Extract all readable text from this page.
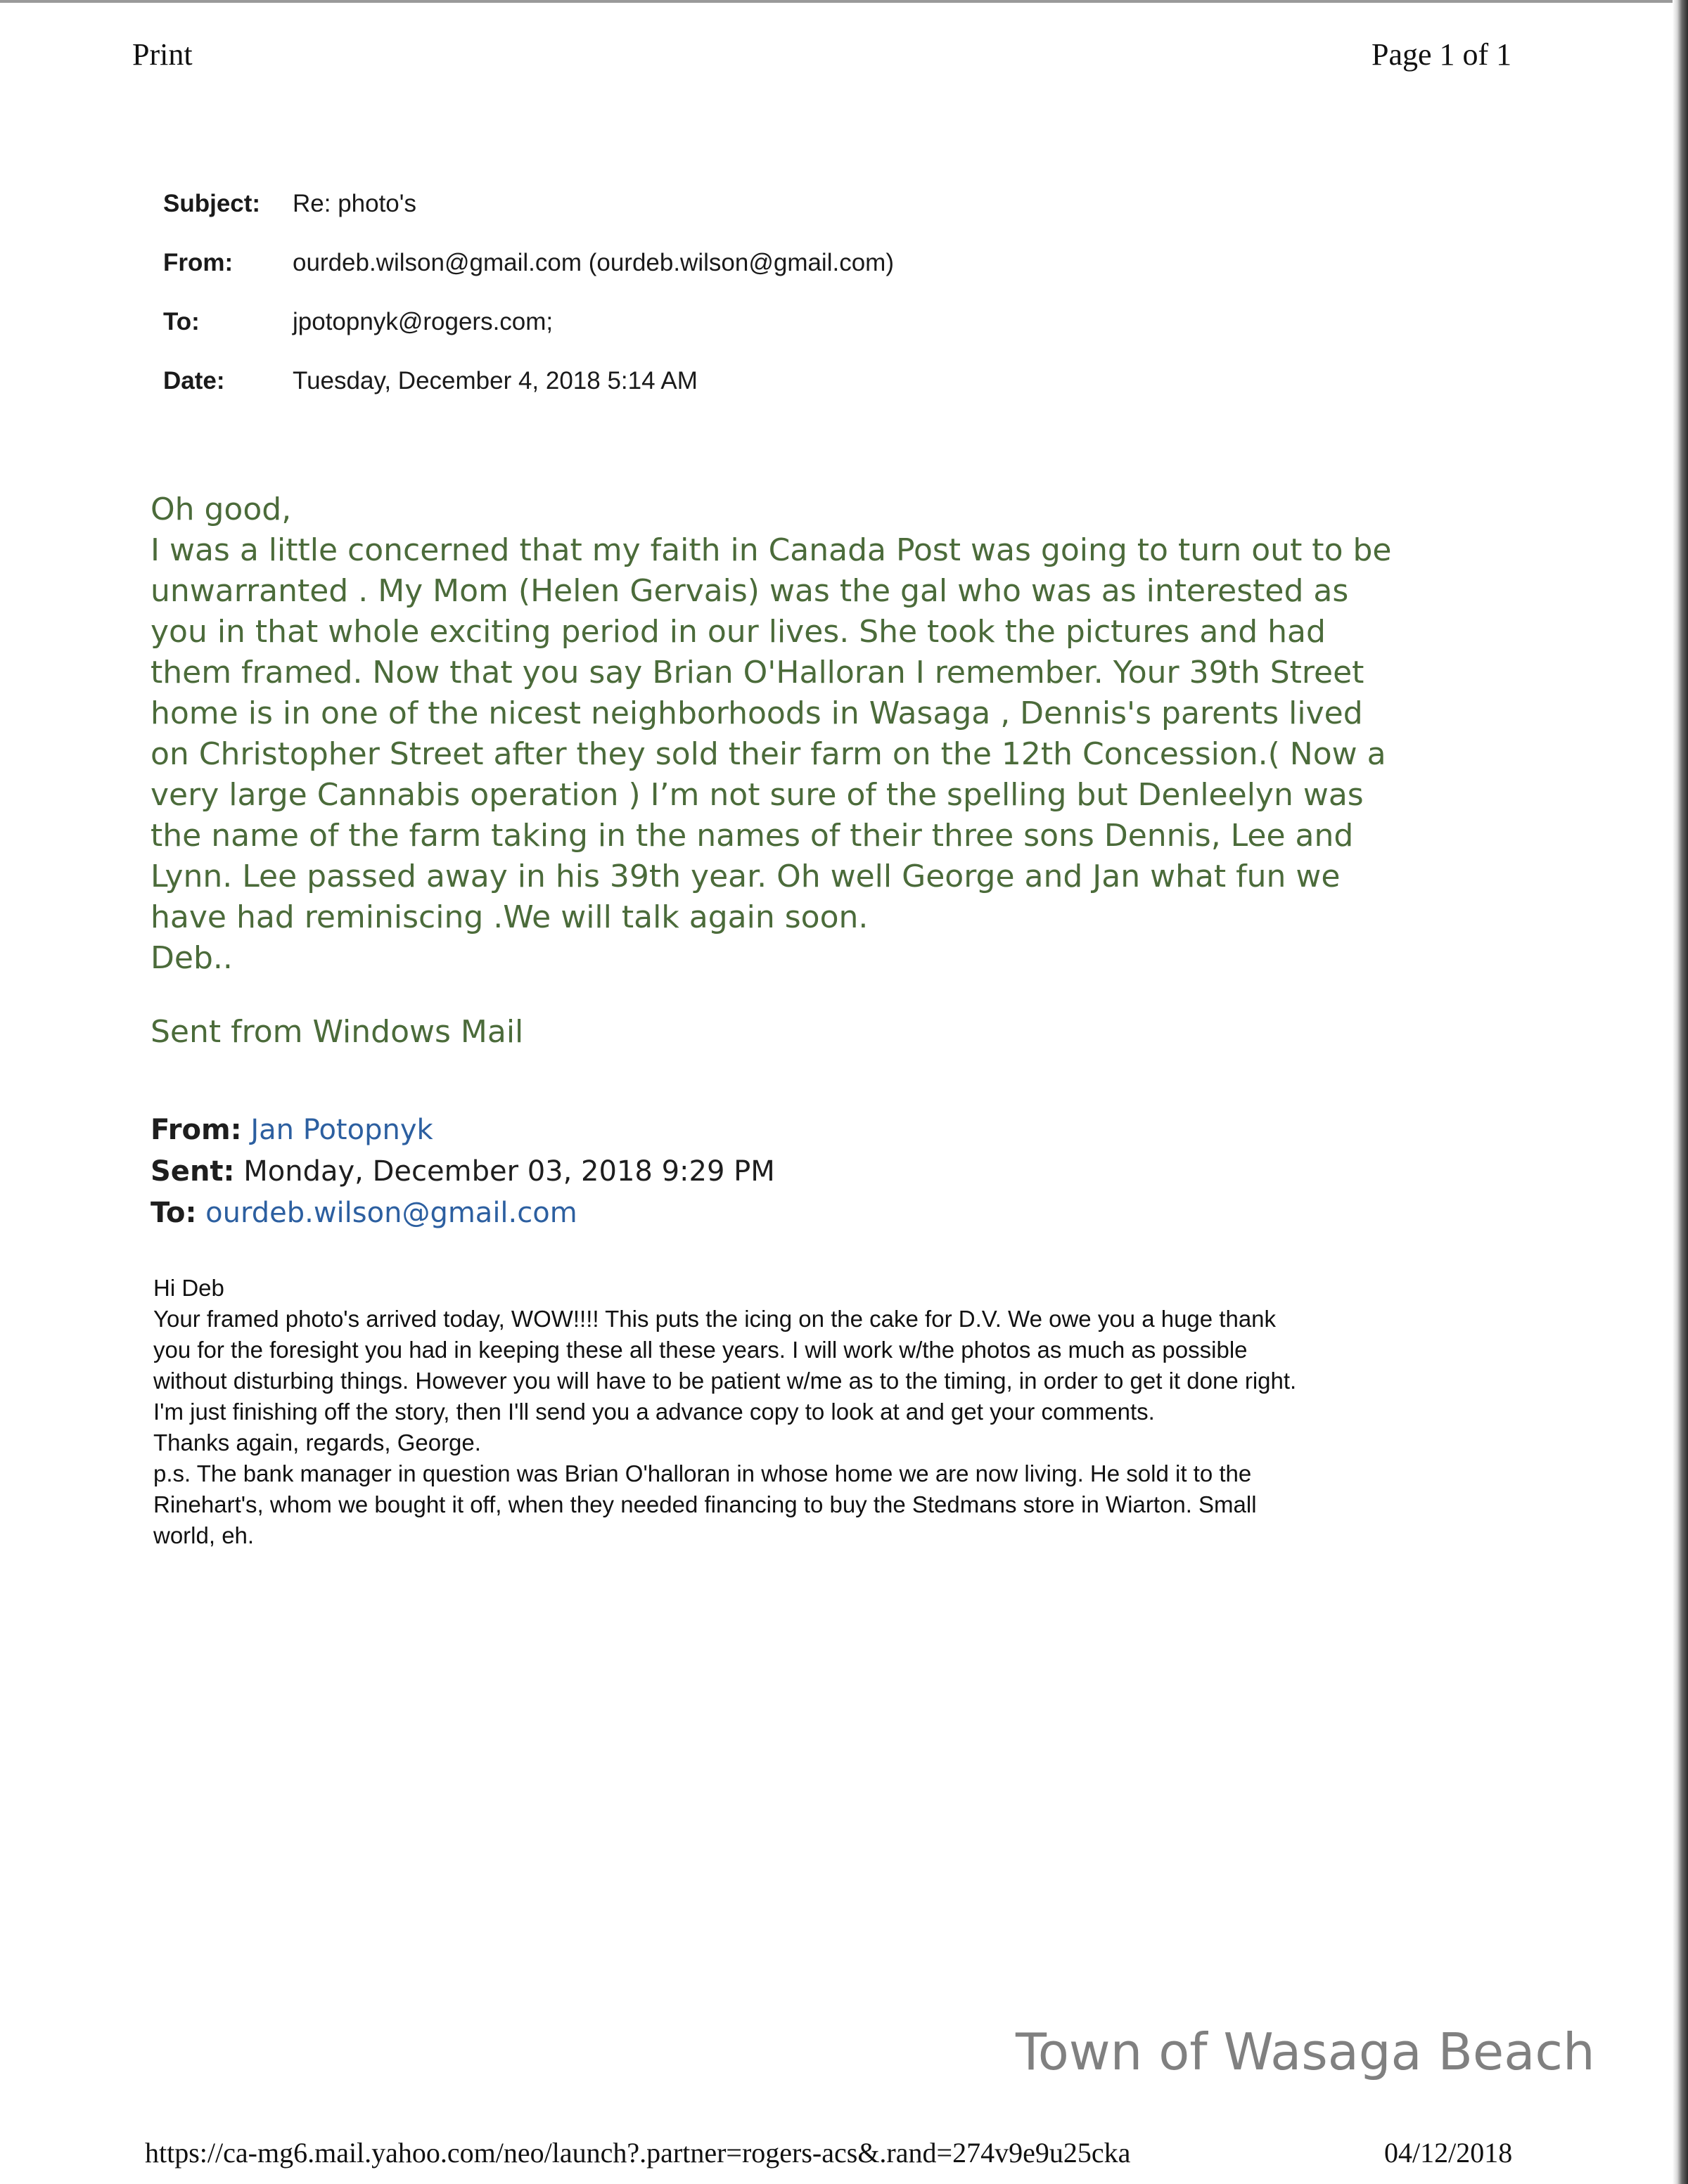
Print	Page 1 of 1
Subject:	Re: photo's
From:	ourdeb.wilson@gmail.com (ourdeb.wilson@gmail.com)
To:	jpotopnyk@rogers.com;
Date:	Tuesday, December 4, 2018 5:14 AM

Oh good,

I was a little concerned that my faith in Canada Post was going to turn out to be

unwarranted . My Mom (Helen Gervais) was the gal who was as interested as

you in that whole exciting period in our lives. She took the pictures and had

them framed. Now that you say Brian O'Halloran I remember. Your 39th Street

home is in one of the nicest neighborhoods in Wasaga , Dennis's parents lived

on Christopher Street after they sold their farm on the 12th Concession.( Now a

very large Cannabis operation ) I’m not sure of the spelling but Denleelyn was

the name of the farm taking in the names of their three sons Dennis, Lee and

Lynn. Lee passed away in his 39th year. Oh well George and Jan what fun we

have had reminiscing .We will talk again soon.

Deb..

Sent from Windows Mail
From: Jan Potopnyk
Sent: Monday, December 03, 2018 9:29 PM
To: ourdeb.wilson@gmail.com

Hi Deb

Your framed photo's arrived today, WOW!!!! This puts the icing on the cake for D.V. We owe you a huge thank

you for the foresight you had in keeping these all these years. I will work w/the photos as much as possible

without disturbing things. However you will have to be patient w/me as to the timing, in order to get it done right.

I'm just finishing off the story, then I'll send you a advance copy to look at and get your comments.

Thanks again, regards, George.

p.s. The bank manager in question was Brian O'halloran in whose home we are now living. He sold it to the

Rinehart's, whom we bought it off, when they needed financing to buy the Stedmans store in Wiarton. Small

world, eh.

Town of Wasaga Beach
https://ca-mg6.mail.yahoo.com/neo/launch?.partner=rogers-acs&.rand=274v9e9u25cka	04/12/2018
